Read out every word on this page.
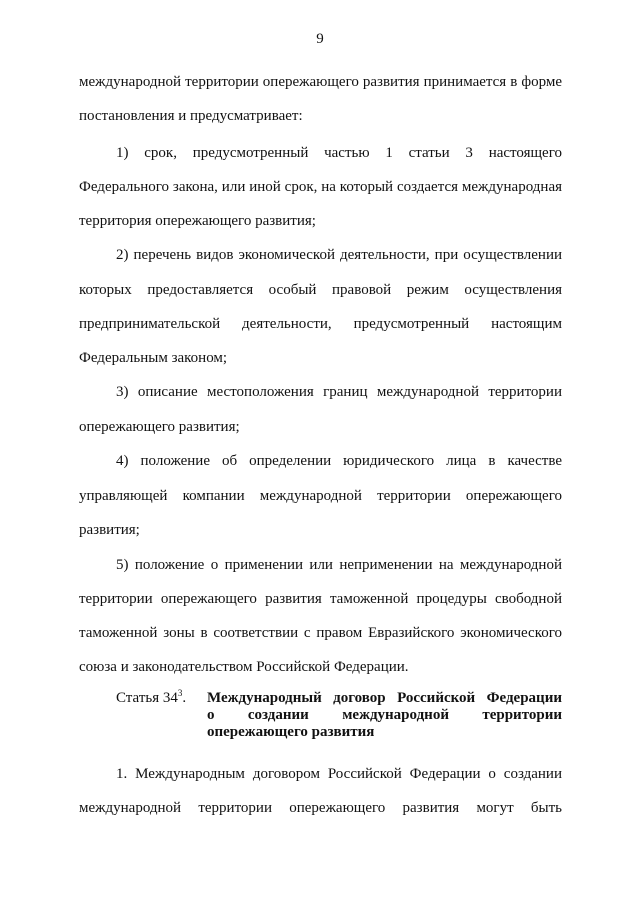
9
международной территории опережающего развития принимается в форме
постановления и предусматривает:
1) срок, предусмотренный частью 1 статьи 3 настоящего
Федерального закона, или иной срок, на который создается международная
территория опережающего развития;
2) перечень видов экономической деятельности, при осуществлении
которых предоставляется особый правовой режим осуществления
предпринимательской деятельности, предусмотренный настоящим
Федеральным законом;
3) описание местоположения границ международной территории
опережающего развития;
4) положение об определении юридического лица в качестве
управляющей компании международной территории опережающего
развития;
5) положение о применении или неприменении на международной
территории опережающего развития таможенной процедуры свободной
таможенной зоны в соответствии с правом Евразийского экономического
союза и законодательством Российской Федерации.
Статья $34^3$. Международный договор Российской Федерации
о создании международной территории
опережающего развития
1. Международным договором Российской Федерации о создании
международной территории опережающего развития могут быть
